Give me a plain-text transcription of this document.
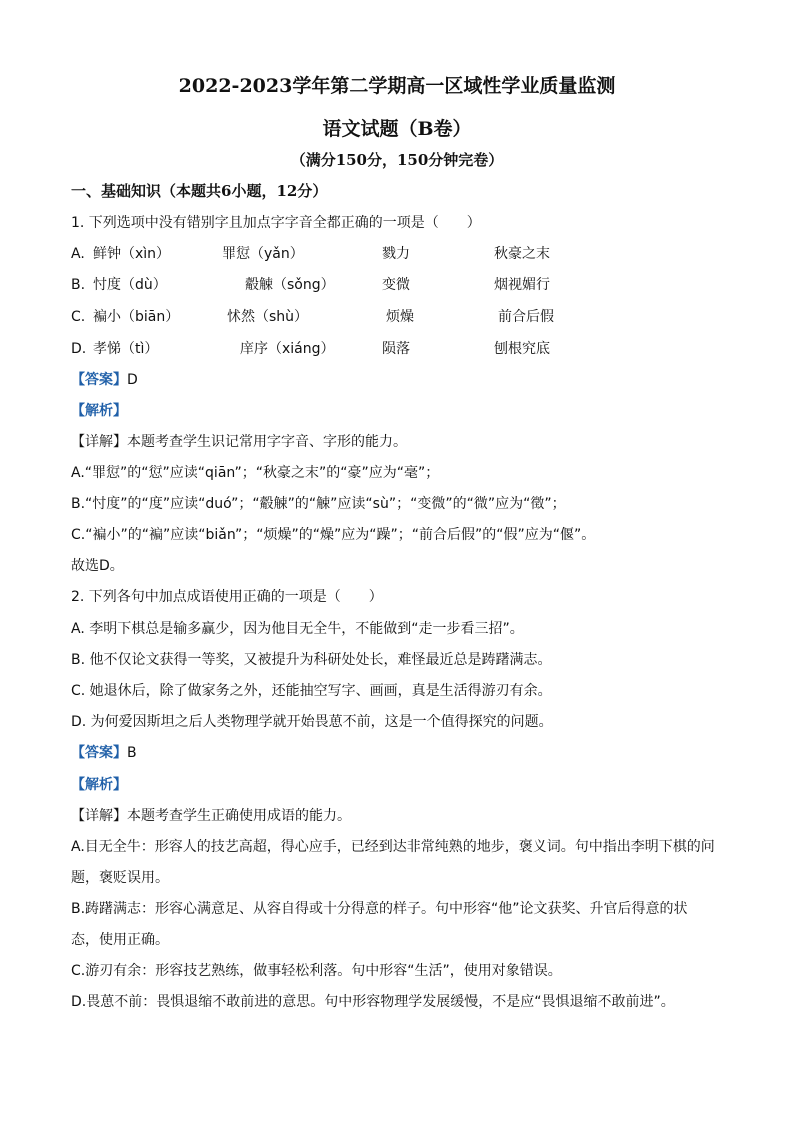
2022-2023学年第二学期高一区域性学业质量监测
语文试题（B卷）
（满分150分，150分钟完卷）
一、基础知识（本题共6小题，12分）
1. 下列选项中没有错别字且加点字字音全都正确的一项是（　　）
A. 鲜钟（xìn）	罪愆（yǎn）	戮力	秋豪之末
B. 忖度（dù）	觳觫（sǒng）	变微	烟视媚行
C. 褊小（biān）	怵然（shù）	烦燥	前合后假
D. 孝悌（tì）	庠序（xiáng）	陨落	刨根究底
【答案】D
【解析】
【详解】本题考查学生识记常用字字音、字形的能力。
A.“罪愆”的“愆”应读“qiān”；“秋豪之末”的“豪”应为“毫”；
B.“忖度”的“度”应读“duó”；“觳觫”的“觫”应读“sù”；“变微”的“微”应为“徵”；
C.“褊小”的“褊”应读“biǎn”；“烦燥”的“燥”应为“躁”；“前合后假”的“假”应为“偃”。
故选D。
2. 下列各句中加点成语使用正确的一项是（　　）
A. 李明下棋总是输多赢少，因为他目无全牛，不能做到“走一步看三招”。
B. 他不仅论文获得一等奖，又被提升为科研处处长，难怪最近总是踌躇满志。
C. 她退休后，除了做家务之外，还能抽空写字、画画，真是生活得游刃有余。
D. 为何爱因斯坦之后人类物理学就开始畏葸不前，这是一个值得探究的问题。
【答案】B
【解析】
【详解】本题考查学生正确使用成语的能力。
A.目无全牛：形容人的技艺高超，得心应手，已经到达非常纯熟的地步，褒义词。句中指出李明下棋的问
题，褒贬误用。
B.踌躇满志：形容心满意足、从容自得或十分得意的样子。句中形容“他”论文获奖、升官后得意的状
态，使用正确。
C.游刃有余：形容技艺熟练，做事轻松利落。句中形容“生活”，使用对象错误。
D.畏葸不前：畏惧退缩不敢前进的意思。句中形容物理学发展缓慢，不是应“畏惧退缩不敢前进”。
